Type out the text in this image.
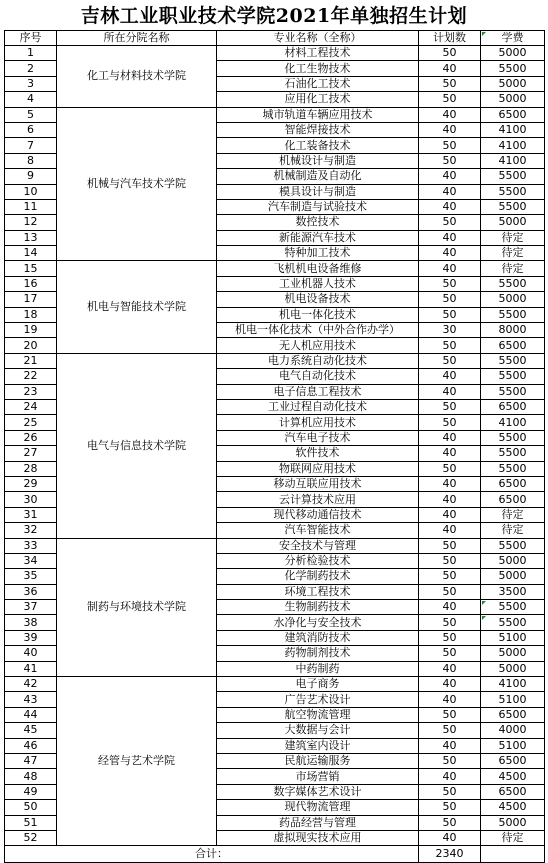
吉林工业职业技术学院2021年单独招生计划
序号	所在分院名称	专业名称（全称）	计划数	学费
1	化工与材料技术学院	材料工程技术	50	5000
2		化工生物技术	40	5500
3		石油化工技术	50	5000
4		应用化工技术	50	5000
5	机械与汽车技术学院	城市轨道车辆应用技术	40	6500
6		智能焊接技术	40	4100
7		化工装备技术	50	4100
8		机械设计与制造	50	4100
9		机械制造及自动化	40	5500
10		模具设计与制造	40	5500
11		汽车制造与试验技术	40	5500
12		数控技术	50	5000
13		新能源汽车技术	40	待定
14		特种加工技术	40	待定
15	机电与智能技术学院	飞机机电设备维修	40	待定
16		工业机器人技术	50	5500
17		机电设备技术	50	5000
18		机电一体化技术	50	5500
19		机电一体化技术（中外合作办学）	30	8000
20		无人机应用技术	50	6500
21	电气与信息技术学院	电力系统自动化技术	50	5500
22		电气自动化技术	40	5500
23		电子信息工程技术	40	5500
24		工业过程自动化技术	50	6500
25		计算机应用技术	50	4100
26		汽车电子技术	40	5500
27		软件技术	40	5500
28		物联网应用技术	50	5500
29		移动互联应用技术	40	6500
30		云计算技术应用	40	6500
31		现代移动通信技术	40	待定
32		汽车智能技术	40	待定
33	制药与环境技术学院	安全技术与管理	50	5500
34		分析检验技术	50	5000
35		化学制药技术	50	5000
36		环境工程技术	50	3500
37		生物制药技术	40	5500
38		水净化与安全技术	50	5500
39		建筑消防技术	50	5100
40		药物制剂技术	50	5000
41		中药制药	40	5000
42	经管与艺术学院	电子商务	40	4100
43		广告艺术设计	40	5100
44		航空物流管理	50	6500
45		大数据与会计	50	4000
46		建筑室内设计	40	5100
47		民航运输服务	50	6500
48		市场营销	40	4500
49		数字媒体艺术设计	50	6500
50		现代物流管理	50	4500
51		药品经营与管理	50	5000
52		虚拟现实技术应用	40	待定
合计：			2340	
